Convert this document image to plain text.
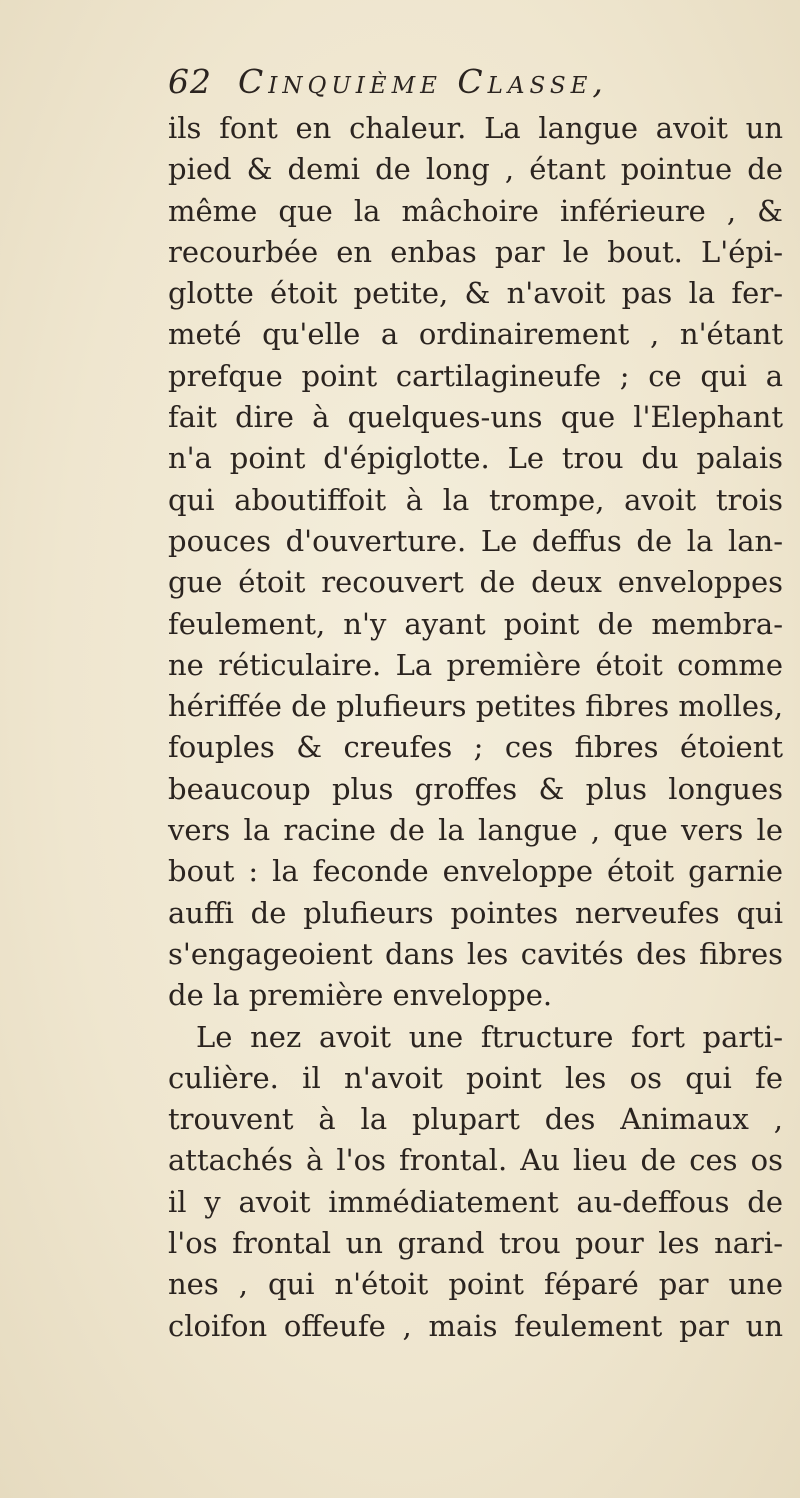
62 Cinquième Classe,
ils font en chaleur. La langue avoit un
pied & demi de long , étant pointue de
même que la mâchoire inférieure , &
recourbée en enbas par le bout. L'épi-
glotte étoit petite, & n'avoit pas la fer-
meté qu'elle a ordinairement , n'étant
prefque point cartilagineufe ; ce qui a
fait dire à quelques-uns que l'Elephant
n'a point d'épiglotte. Le trou du palais
qui aboutiffoit à la trompe, avoit trois
pouces d'ouverture. Le deffus de la lan-
gue étoit recouvert de deux enveloppes
feulement, n'y ayant point de membra-
ne réticulaire. La première étoit comme
hériffée de plufieurs petites fibres molles,
fouples & creufes ; ces fibres étoient
beaucoup plus groffes & plus longues
vers la racine de la langue , que vers le
bout : la feconde enveloppe étoit garnie
auffi de plufieurs pointes nerveufes qui
s'engageoient dans les cavités des fibres
de la première enveloppe.
Le nez avoit une ftructure fort parti-
culière. il n'avoit point les os qui fe
trouvent à la plupart des Animaux ,
attachés à l'os frontal. Au lieu de ces os
il y avoit immédiatement au-deffous de
l'os frontal un grand trou pour les nari-
nes , qui n'étoit point féparé par une
cloifon offeufe , mais feulement par un
